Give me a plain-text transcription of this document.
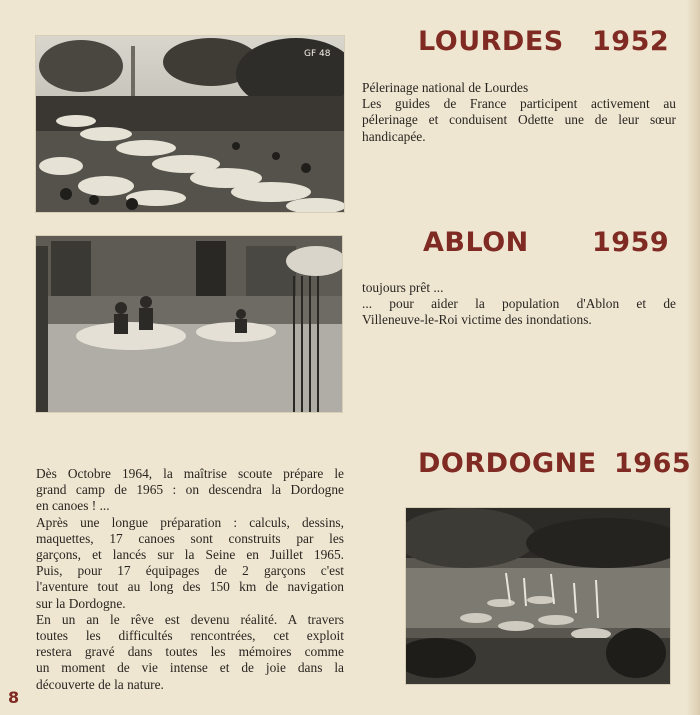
GF 48	LOURDES 1952
Pélerinage national de Lourdes
Les guides de France participent activement au
pélerinage et conduisent Odette une de leur sœur
handicapée.
ABLON 1959
toujours prêt ...
... pour aider la population d'Ablon et de
Villeneuve-le-Roi victime des inondations.
DORDOGNE 1965
Dès Octobre 1964, la maîtrise scoute prépare le
grand camp de 1965 : on descendra la Dordogne
en canoes ! ...
Après une longue préparation : calculs, dessins,
maquettes, 17 canoes sont construits par les
garçons, et lancés sur la Seine en Juillet 1965.
Puis, pour 17 équipages de 2 garçons c'est
l'aventure tout au long des 150 km de navigation
sur la Dordogne.
En un an le rêve est devenu réalité. A travers
toutes les difficultés rencontrées, cet exploit
restera gravé dans toutes les mémoires comme
un moment de vie intense et de joie dans la
découverte de la nature.
8
